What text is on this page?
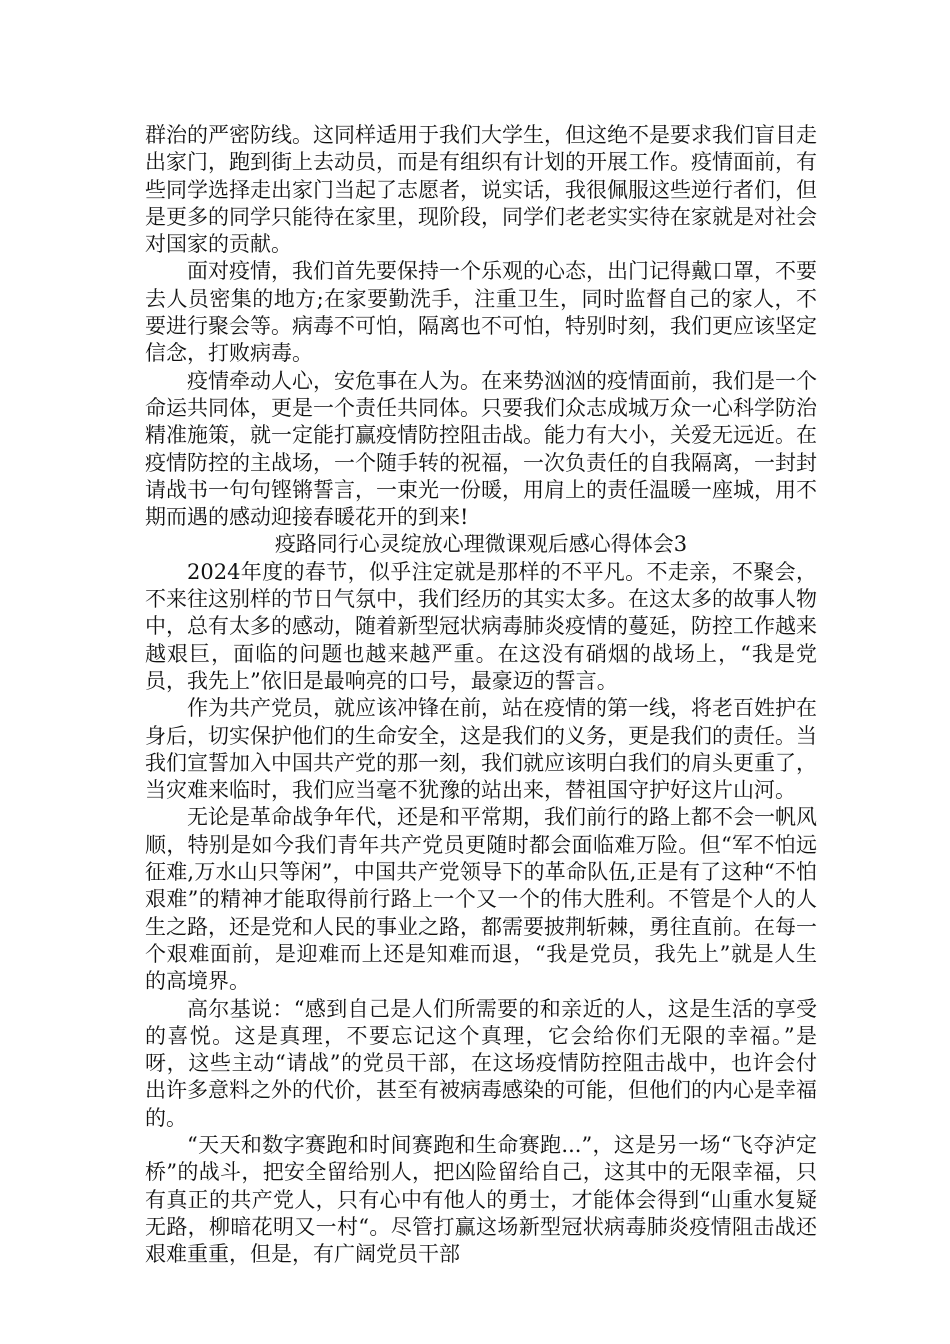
群治的严密防线。这同样适用于我们大学生，但这绝不是要求我们盲目走出家门，跑到街上去动员，而是有组织有计划的开展工作。疫情面前，有些同学选择走出家门当起了志愿者，说实话，我很佩服这些逆行者们，但是更多的同学只能待在家里，现阶段，同学们老老实实待在家就是对社会对国家的贡献。

面对疫情，我们首先要保持一个乐观的心态，出门记得戴口罩，不要去人员密集的地方;在家要勤洗手，注重卫生，同时监督自己的家人，不要进行聚会等。病毒不可怕，隔离也不可怕，特别时刻，我们更应该坚定信念，打败病毒。

疫情牵动人心，安危事在人为。在来势汹汹的疫情面前，我们是一个命运共同体，更是一个责任共同体。只要我们众志成城万众一心科学防治精准施策，就一定能打赢疫情防控阻击战。能力有大小，关爱无远近。在疫情防控的主战场，一个随手转的祝福，一次负责任的自我隔离，一封封请战书一句句铿锵誓言，一束光一份暖，用肩上的责任温暖一座城，用不期而遇的感动迎接春暖花开的到来!

疫路同行心灵绽放心理微课观后感心得体会3

2024年度的春节，似乎注定就是那样的不平凡。不走亲，不聚会，不来往这别样的节日气氛中，我们经历的其实太多。在这太多的故事人物中，总有太多的感动，随着新型冠状病毒肺炎疫情的蔓延，防控工作越来越艰巨，面临的问题也越来越严重。在这没有硝烟的战场上，“我是党员，我先上”依旧是最响亮的口号，最豪迈的誓言。

作为共产党员，就应该冲锋在前，站在疫情的第一线，将老百姓护在身后，切实保护他们的生命安全，这是我们的义务，更是我们的责任。当我们宣誓加入中国共产党的那一刻，我们就应该明白我们的肩头更重了，当灾难来临时，我们应当毫不犹豫的站出来，替祖国守护好这片山河。

无论是革命战争年代，还是和平常期，我们前行的路上都不会一帆风顺，特别是如今我们青年共产党员更随时都会面临难万险。但“军不怕远征难,万水山只等闲”，中国共产党领导下的革命队伍,正是有了这种“不怕艰难”的精神才能取得前行路上一个又一个的伟大胜利。不管是个人的人生之路，还是党和人民的事业之路，都需要披荆斩棘，勇往直前。在每一个艰难面前，是迎难而上还是知难而退，“我是党员，我先上”就是人生的高境界。

高尔基说：“感到自己是人们所需要的和亲近的人，这是生活的享受的喜悦。这是真理，不要忘记这个真理，它会给你们无限的幸福。”是呀，这些主动“请战”的党员干部，在这场疫情防控阻击战中，也许会付出许多意料之外的代价，甚至有被病毒感染的可能，但他们的内心是幸福的。

“天天和数字赛跑和时间赛跑和生命赛跑...”，这是另一场“飞夺泸定桥”的战斗，把安全留给别人，把凶险留给自己，这其中的无限幸福，只有真正的共产党人，只有心中有他人的勇士，才能体会得到“山重水复疑无路，柳暗花明又一村“。尽管打赢这场新型冠状病毒肺炎疫情阻击战还艰难重重，但是，有广阔党员干部
